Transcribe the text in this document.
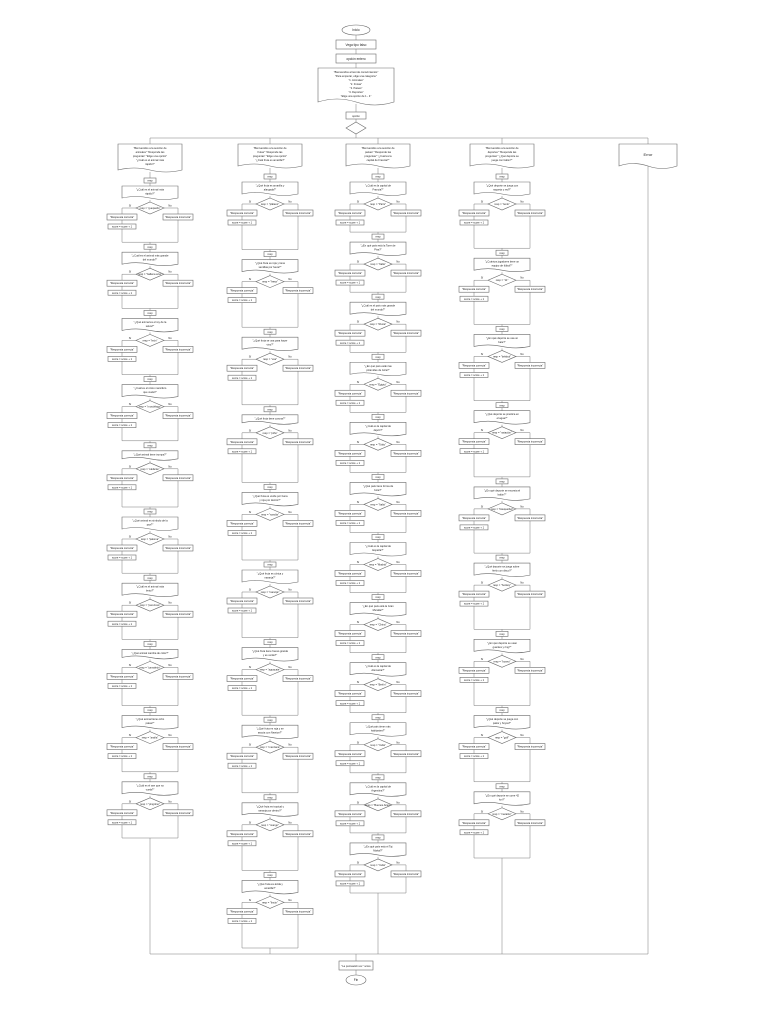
Inicio
Vega tipo falso
opción entero
"Bienvenidos al test de conocimientos"
"Para empezar, elige una categoría:"
"1. Animales"
"2. Frutas"
"3. Países"
"4. Deportes"
"Elige una opción de 1 - 4"
opción
Error
"Bienvenidos a la sección de
animales" "Responde las
preguntas" "Elige una opción"
"¿Cuál es el animal más
rápido?"
resp
"¿Cuál es el animal más
rápido?"
resp = "guepardo"
Sí	No
"Respuesta correcta"	"Respuesta incorrecta"
score = score + 1
resp
"¿Cuál es el animal más grande
del mundo?"
resp = "ballena azul"
Sí	No
"Respuesta correcta"	"Respuesta incorrecta"
score = score + 1
resp
"¿Qué animal es el rey de la
selva?"
resp = "león"
Sí	No
"Respuesta correcta"	"Respuesta incorrecta"
score = score + 1
resp
"¿Cuál es el único mamífero
que vuela?"
resp = "murciélago"
Sí	No
"Respuesta correcta"	"Respuesta incorrecta"
score = score + 1
resp
"¿Qué animal tiene trompa?"
resp = "elefante"
Sí	No
"Respuesta correcta"	"Respuesta incorrecta"
score = score + 1
resp
"¿Qué animal es símbolo de la
paz?"
resp = "paloma"
Sí	No
"Respuesta correcta"	"Respuesta incorrecta"
score = score + 1
resp
"¿Cuál es el animal más
lento?"
resp = "perezoso"
Sí	No
"Respuesta correcta"	"Respuesta incorrecta"
score = score + 1
resp
"¿Qué animal cambia de color?"
resp = "camaleón"
Sí	No
"Respuesta correcta"	"Respuesta incorrecta"
score = score + 1
resp
"¿Qué animal tiene ocho
patas?"
resp = "araña"
Sí	No
"Respuesta correcta"	"Respuesta incorrecta"
score = score + 1
resp
"¿Cuál es el ave que no
vuela?"
resp = "pingüino"
Sí	No
"Respuesta correcta"	"Respuesta incorrecta"
score = score + 1
"Bienvenidos a la sección de
frutas" "Responde las
preguntas" "Elige una opción"
"¿Cuál fruta es amarilla?"
resp
"¿Qué fruta es amarilla y
alargada?"
resp = "plátano"
Sí	No
"Respuesta correcta"	"Respuesta incorrecta"
score = score + 1
resp
"¿Qué fruta es roja y tiene
semillas por fuera?"
resp = "fresa"
Sí	No
"Respuesta correcta"	"Respuesta incorrecta"
score = score + 1
resp
"¿Qué fruta se usa para hacer
vino?"
resp = "uva"
Sí	No
"Respuesta correcta"	"Respuesta incorrecta"
score = score + 1
resp
"¿Qué fruta tiene corona?"
resp = "piña"
Sí	No
"Respuesta correcta"	"Respuesta incorrecta"
score = score + 1
resp
"¿Qué fruta es verde por fuera
y roja por dentro?"
resp = "sandía"
Sí	No
"Respuesta correcta"	"Respuesta incorrecta"
score = score + 1
resp
"¿Qué fruta es cítrica y
naranja?"
resp = "naranja"
Sí	No
"Respuesta correcta"	"Respuesta incorrecta"
score = score + 1
resp
"¿Qué fruta tiene hueso grande
y es verde?"
resp = "aguacate"
Sí	No
"Respuesta correcta"	"Respuesta incorrecta"
score = score + 1
resp
"¿Qué fruta es roja y se
asocia con Newton?"
resp = "manzana"
Sí	No
"Respuesta correcta"	"Respuesta incorrecta"
score = score + 1
resp
"¿Qué fruta es tropical y
naranja por dentro?"
resp = "mango"
Sí	No
"Respuesta correcta"	"Respuesta incorrecta"
score = score + 1
resp
"¿Qué fruta es ácida y
amarilla?"
resp = "limón"
Sí	No
"Respuesta correcta"	"Respuesta incorrecta"
score = score + 1
"Bienvenidos a la sección de
países" "Responde las
preguntas" "¿Cuál es la
capital de Francia?"
resp
"¿Cuál es la capital de
Francia?"
resp = "París"
Sí	No
"Respuesta correcta"	"Respuesta incorrecta"
score = score + 1
resp
"¿En qué país está la Torre de
Pisa?"
resp = "Italia"
Sí	No
"Respuesta correcta"	"Respuesta incorrecta"
score = score + 1
resp
"¿Cuál es el país más grande
del mundo?"
resp = "Rusia"
Sí	No
"Respuesta correcta"	"Respuesta incorrecta"
score = score + 1
resp
"¿En qué país están las
pirámides de Giza?"
resp = "Egipto"
Sí	No
"Respuesta correcta"	"Respuesta incorrecta"
score = score + 1
resp
"¿Cuál es la capital de
Japón?"
resp = "Tokio"
Sí	No
"Respuesta correcta"	"Respuesta incorrecta"
score = score + 1
resp
"¿Qué país tiene forma de
bota?"
resp = "Italia"
Sí	No
"Respuesta correcta"	"Respuesta incorrecta"
score = score + 1
resp
"¿Cuál es la capital de
España?"
resp = "Madrid"
Sí	No
"Respuesta correcta"	"Respuesta incorrecta"
score = score + 1
resp
"¿En qué país está la Gran
Muralla?"
resp = "China"
Sí	No
"Respuesta correcta"	"Respuesta incorrecta"
score = score + 1
resp
"¿Cuál es la capital de
Alemania?"
resp = "Berlín"
Sí	No
"Respuesta correcta"	"Respuesta incorrecta"
score = score + 1
resp
"¿Qué país tiene más
habitantes?"
resp = "India"
Sí	No
"Respuesta correcta"	"Respuesta incorrecta"
score = score + 1
resp
"¿Cuál es la capital de
Argentina?"
resp = "Buenos Aires"
Sí	No
"Respuesta correcta"	"Respuesta incorrecta"
score = score + 1
resp
"¿En qué país está el Taj
Mahal?"
resp = "India"
Sí	No
"Respuesta correcta"	"Respuesta incorrecta"
score = score + 1
"Bienvenidos a la sección de
deportes" "Responde las
preguntas" "¿Qué deporte se
juega con balón?"
resp
"¿Qué deporte se juega con
raqueta y red?"
resp = "tenis"
Sí	No
"Respuesta correcta"	"Respuesta incorrecta"
score = score + 1
resp
"¿Cuántos jugadores tiene un
equipo de fútbol?"
resp = "11"
Sí	No
"Respuesta correcta"	"Respuesta incorrecta"
score = score + 1
resp
"¿En qué deporte se usa un
bate?"
resp = "béisbol"
Sí	No
"Respuesta correcta"	"Respuesta incorrecta"
score = score + 1
resp
"¿Qué deporte se practica en
el agua?"
resp = "natación"
Sí	No
"Respuesta correcta"	"Respuesta incorrecta"
score = score + 1
resp
"¿En qué deporte se encesta el
balón?"
resp = "básquetbol"
Sí	No
"Respuesta correcta"	"Respuesta incorrecta"
score = score + 1
resp
"¿Qué deporte se juega sobre
hielo con disco?"
resp = "hockey"
Sí	No
"Respuesta correcta"	"Respuesta incorrecta"
score = score + 1
resp
"¿En qué deporte se usan
guantes y ring?"
resp = "boxeo"
Sí	No
"Respuesta correcta"	"Respuesta incorrecta"
score = score + 1
resp
"¿Qué deporte se juega con
palos y hoyos?"
resp = "golf"
Sí	No
"Respuesta correcta"	"Respuesta incorrecta"
score = score + 1
resp
"¿En qué deporte se corre 42
km?"
resp = "maratón"
Sí	No
"Respuesta correcta"	"Respuesta incorrecta"
score = score + 1
"La puntuación es:" score
Fin
